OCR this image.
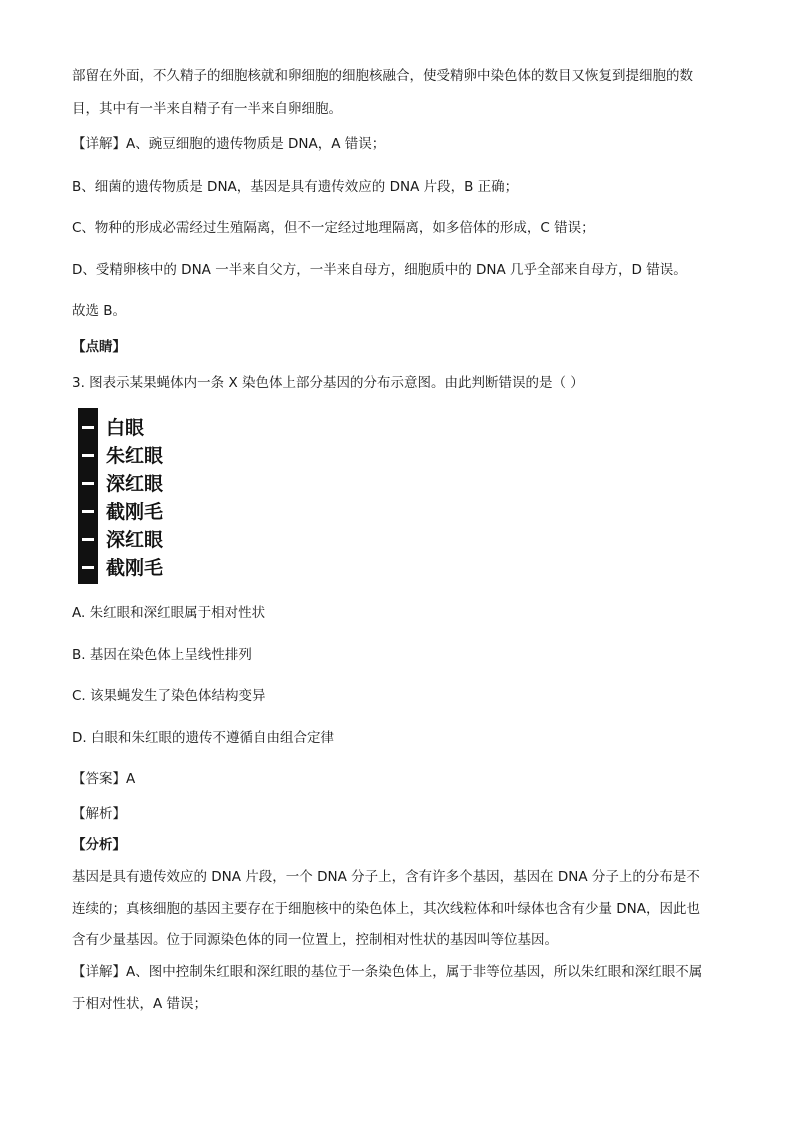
部留在外面，不久精子的细胞核就和卵细胞的细胞核融合，使受精卵中染色体的数目又恢复到提细胞的数
目，其中有一半来自精子有一半来自卵细胞。
【详解】A、豌豆细胞的遗传物质是 DNA，A 错误；
B、细菌的遗传物质是 DNA，基因是具有遗传效应的 DNA 片段，B 正确；
C、物种的形成必需经过生殖隔离，但不一定经过地理隔离，如多倍体的形成，C 错误；
D、受精卵核中的 DNA 一半来自父方，一半来自母方，细胞质中的 DNA 几乎全部来自母方，D 错误。
故选 B。
【点睛】
3. 图表示某果蝇体内一条 X 染色体上部分基因的分布示意图。由此判断错误的是（ ）
白眼
朱红眼
深红眼
截刚毛
深红眼
截刚毛
A. 朱红眼和深红眼属于相对性状
B. 基因在染色体上呈线性排列
C. 该果蝇发生了染色体结构变异
D. 白眼和朱红眼的遗传不遵循自由组合定律
【答案】A
【解析】
【分析】
基因是具有遗传效应的 DNA 片段，一个 DNA 分子上，含有许多个基因，基因在 DNA 分子上的分布是不
连续的；真核细胞的基因主要存在于细胞核中的染色体上，其次线粒体和叶绿体也含有少量 DNA，因此也
含有少量基因。位于同源染色体的同一位置上，控制相对性状的基因叫等位基因。
【详解】A、图中控制朱红眼和深红眼的基位于一条染色体上，属于非等位基因，所以朱红眼和深红眼不属
于相对性状，A 错误；
